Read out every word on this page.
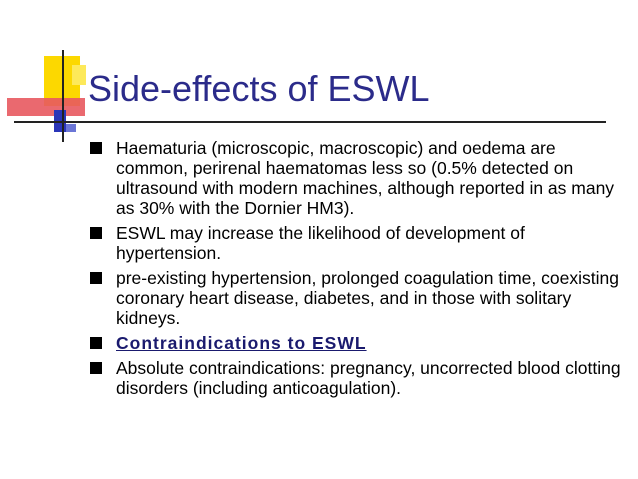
Side-effects of ESWL
Haematuria (microscopic, macroscopic) and oedema are common, perirenal haematomas less so (0.5% detected on ultrasound with modern machines, although reported in as many as 30% with the Dornier HM3).
ESWL may increase the likelihood of development of hypertension.
pre-existing hypertension, prolonged coagulation time, coexisting coronary heart disease, diabetes, and in those with solitary kidneys.
Contraindications to ESWL
Absolute contraindications: pregnancy, uncorrected blood clotting disorders (including anticoagulation).
